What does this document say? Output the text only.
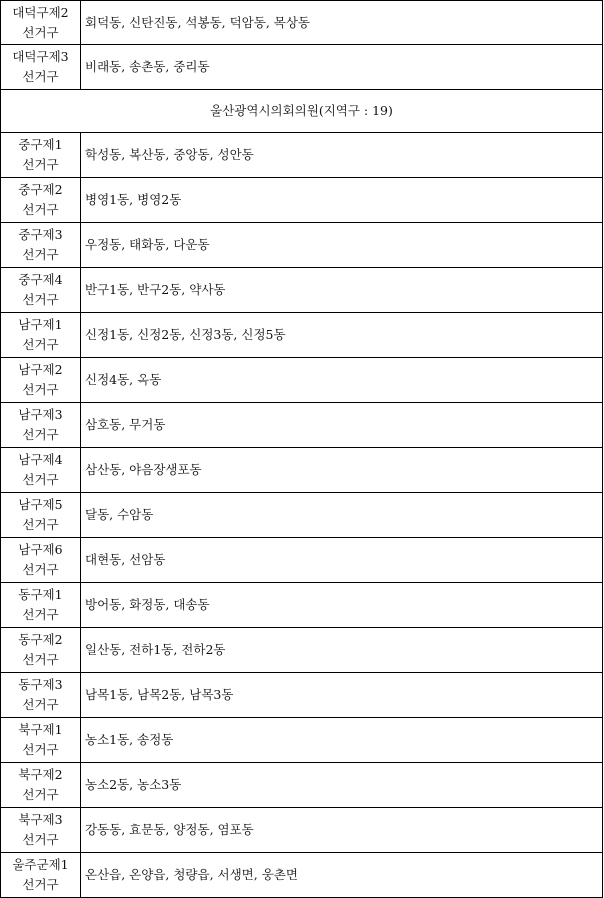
대덕구제2
선거구	회덕동, 신탄진동, 석봉동, 덕암동, 목상동
대덕구제3
선거구	비래동, 송촌동, 중리동
울산광역시의회의원(지역구 : 19)	
중구제1
선거구	학성동, 복산동, 중앙동, 성안동
중구제2
선거구	병영1동, 병영2동
중구제3
선거구	우정동, 태화동, 다운동
중구제4
선거구	반구1동, 반구2동, 약사동
남구제1
선거구	신정1동, 신정2동, 신정3동, 신정5동
남구제2
선거구	신정4동, 옥동
남구제3
선거구	삼호동, 무거동
남구제4
선거구	삼산동, 야음장생포동
남구제5
선거구	달동, 수암동
남구제6
선거구	대현동, 선암동
동구제1
선거구	방어동, 화정동, 대송동
동구제2
선거구	일산동, 전하1동, 전하2동
동구제3
선거구	남목1동, 남목2동, 남목3동
북구제1
선거구	농소1동, 송정동
북구제2
선거구	농소2동, 농소3동
북구제3
선거구	강동동, 효문동, 양정동, 염포동
울주군제1
선거구	온산읍, 온양읍, 청량읍, 서생면, 웅촌면
